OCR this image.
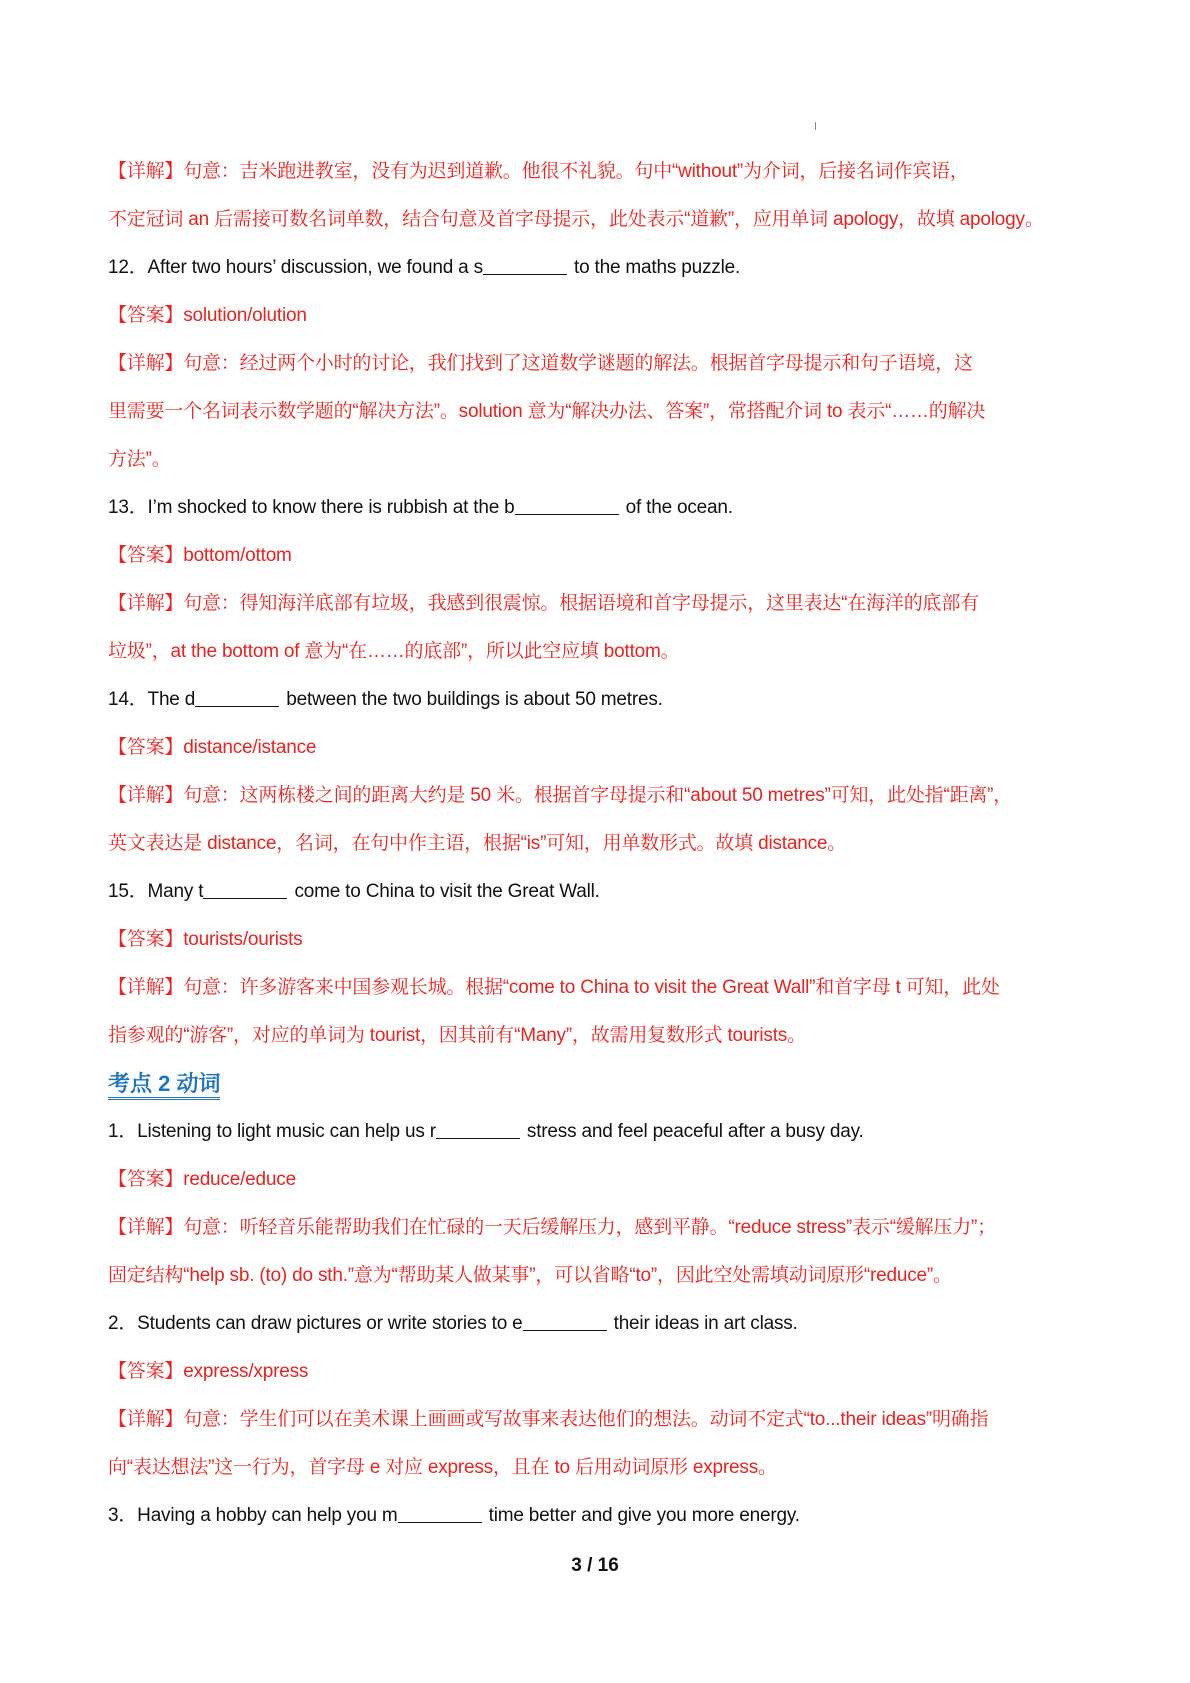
【详解】句意：吉米跑进教室，没有为迟到道歉。他很不礼貌。句中“without”为介词，后接名词作宾语，
不定冠词 an 后需接可数名词单数，结合句意及首字母提示，此处表示“道歉”，应用单词 apology，故填 apology。
12．After two hours’ discussion, we found a s	to the maths puzzle.
【答案】solution/olution
【详解】句意：经过两个小时的讨论，我们找到了这道数学谜题的解法。根据首字母提示和句子语境，这
里需要一个名词表示数学题的“解决方法”。solution 意为“解决办法、答案”，常搭配介词 to 表示“……的解决
方法”。
13．I’m shocked to know there is rubbish at the b	of the ocean.
【答案】bottom/ottom
【详解】句意：得知海洋底部有垃圾，我感到很震惊。根据语境和首字母提示，这里表达“在海洋的底部有
垃圾”，at the bottom of 意为“在……的底部”，所以此空应填 bottom。
14．The d	between the two buildings is about 50 metres.
【答案】distance/istance
【详解】句意：这两栋楼之间的距离大约是 50 米。根据首字母提示和“about 50 metres”可知，此处指“距离”，
英文表达是 distance，名词，在句中作主语，根据“is”可知，用单数形式。故填 distance。
15．Many t	come to China to visit the Great Wall.
【答案】tourists/ourists
【详解】句意：许多游客来中国参观长城。根据“come to China to visit the Great Wall”和首字母 t 可知，此处
指参观的“游客”，对应的单词为 tourist，因其前有“Many”，故需用复数形式 tourists。
考点 2 动词
1．Listening to light music can help us r	stress and feel peaceful after a busy day.
【答案】reduce/educe
【详解】句意：听轻音乐能帮助我们在忙碌的一天后缓解压力，感到平静。“reduce stress”表示“缓解压力”；
固定结构“help sb. (to) do sth.”意为“帮助某人做某事”，可以省略“to”，因此空处需填动词原形“reduce”。
2．Students can draw pictures or write stories to e	their ideas in art class.
【答案】express/xpress
【详解】句意：学生们可以在美术课上画画或写故事来表达他们的想法。动词不定式“to...their ideas”明确指
向“表达想法”这一行为，首字母 e 对应 express，且在 to 后用动词原形 express。
3．Having a hobby can help you m	time better and give you more energy.
3 / 16
